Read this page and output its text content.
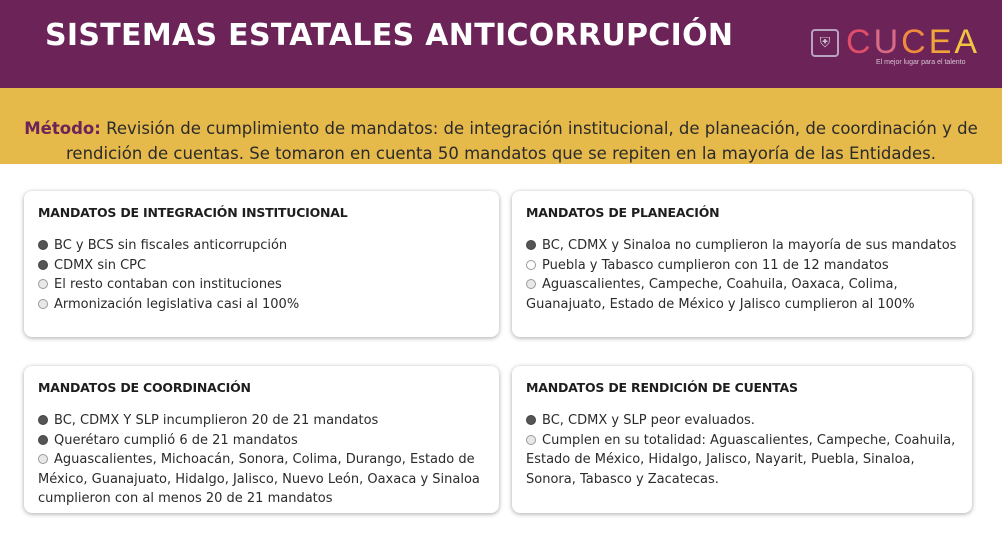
SISTEMAS ESTATALES ANTICORRUPCIÓN	⛨ CUCEA
El mejor lugar para el talento
Método: Revisión de cumplimiento de mandatos: de integración institucional, de planeación, de coordinación y de rendición de cuentas. Se tomaron en cuenta 50 mandatos que se repiten en la mayoría de las Entidades.
MANDATOS DE INTEGRACIÓN INSTITUCIONAL
BC y BCS sin fiscales anticorrupción
CDMX sin CPC
El resto contaban con instituciones
Armonización legislativa casi al 100%
MANDATOS DE PLANEACIÓN
BC, CDMX y Sinaloa no cumplieron la mayoría de sus mandatos
Puebla y Tabasco cumplieron con 11 de 12 mandatos
Aguascalientes, Campeche, Coahuila, Oaxaca, Colima, Guanajuato, Estado de México y Jalisco cumplieron al 100%
MANDATOS DE COORDINACIÓN
BC, CDMX Y SLP incumplieron 20 de 21 mandatos
Querétaro cumplió 6 de 21 mandatos
Aguascalientes, Michoacán, Sonora, Colima, Durango, Estado de México, Guanajuato, Hidalgo, Jalisco, Nuevo León, Oaxaca y Sinaloa cumplieron con al menos 20 de 21 mandatos
MANDATOS DE RENDICIÓN DE CUENTAS
BC, CDMX y SLP peor evaluados.
Cumplen en su totalidad: Aguascalientes, Campeche, Coahuila, Estado de México, Hidalgo, Jalisco, Nayarit, Puebla, Sinaloa, Sonora, Tabasco y Zacatecas.
